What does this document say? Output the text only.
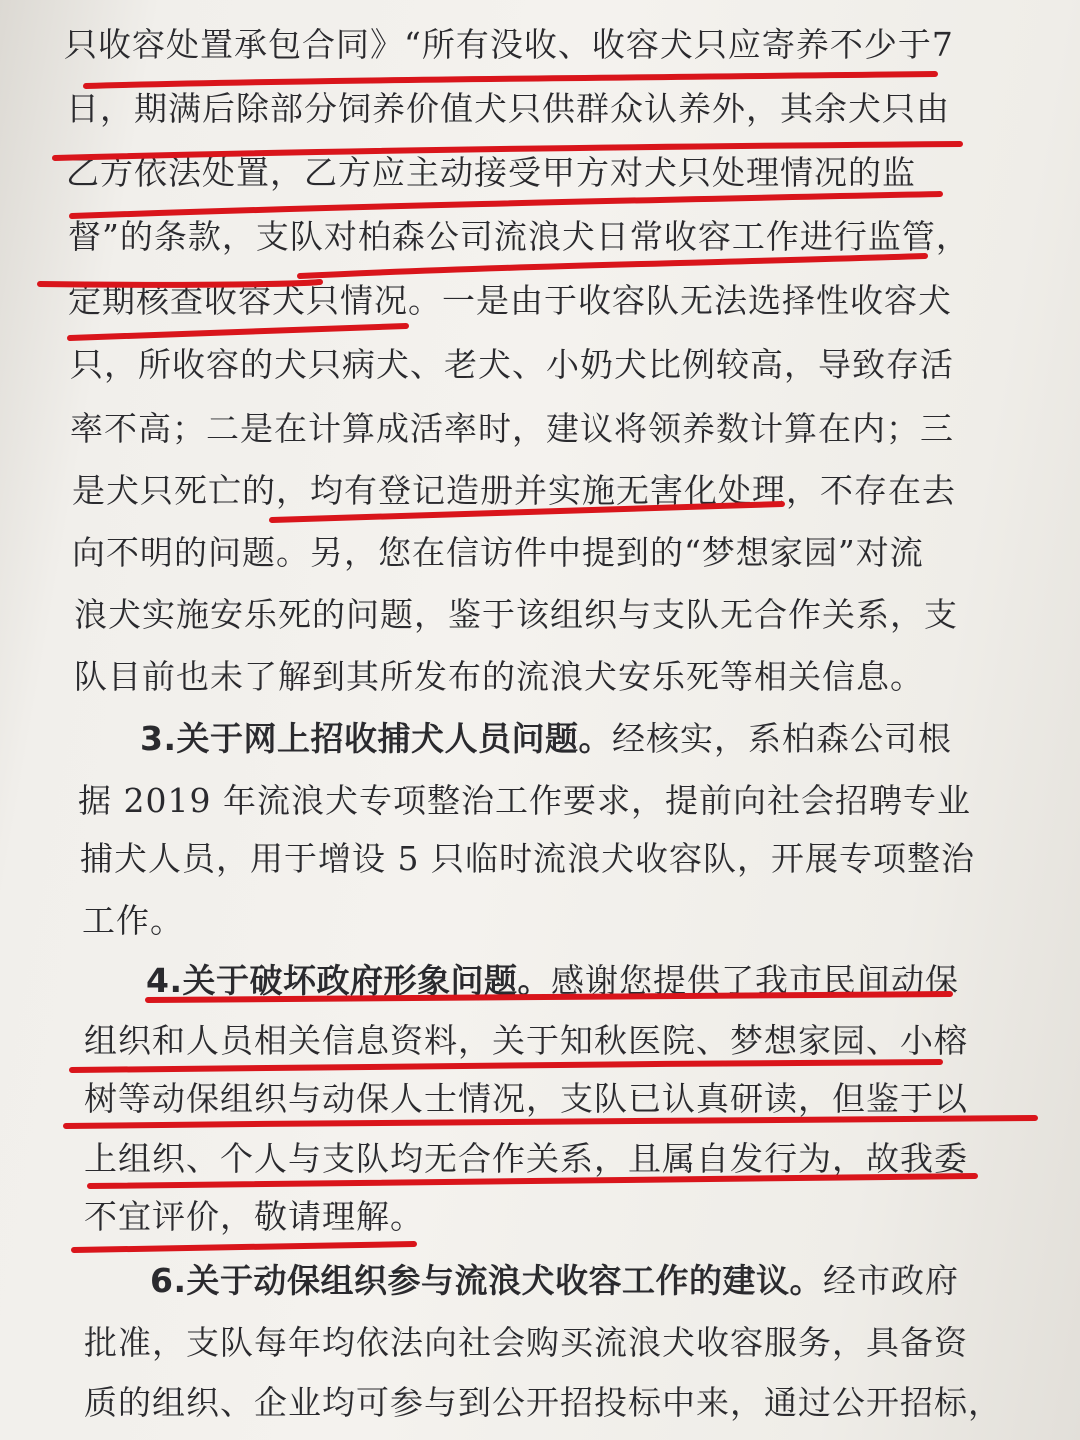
只收容处置承包合同》“所有没收、收容犬只应寄养不少于7
日，期满后除部分饲养价值犬只供群众认养外，其余犬只由
乙方依法处置，乙方应主动接受甲方对犬只处理情况的监
督”的条款，支队对柏森公司流浪犬日常收容工作进行监管，
定期核查收容犬只情况。一是由于收容队无法选择性收容犬
只，所收容的犬只病犬、老犬、小奶犬比例较高，导致存活
率不高；二是在计算成活率时，建议将领养数计算在内；三
是犬只死亡的，均有登记造册并实施无害化处理，不存在去
向不明的问题。另，您在信访件中提到的“梦想家园”对流
浪犬实施安乐死的问题，鉴于该组织与支队无合作关系，支
队目前也未了解到其所发布的流浪犬安乐死等相关信息。
3.关于网上招收捕犬人员问题。经核实，系柏森公司根
据 2019 年流浪犬专项整治工作要求，提前向社会招聘专业
捕犬人员，用于增设 5 只临时流浪犬收容队，开展专项整治
工作。
4.关于破坏政府形象问题。感谢您提供了我市民间动保
组织和人员相关信息资料，关于知秋医院、梦想家园、小榕
树等动保组织与动保人士情况，支队已认真研读，但鉴于以
上组织、个人与支队均无合作关系，且属自发行为，故我委
不宜评价，敬请理解。
6.关于动保组织参与流浪犬收容工作的建议。经市政府
批准，支队每年均依法向社会购买流浪犬收容服务，具备资
质的组织、企业均可参与到公开招投标中来，通过公开招标，
